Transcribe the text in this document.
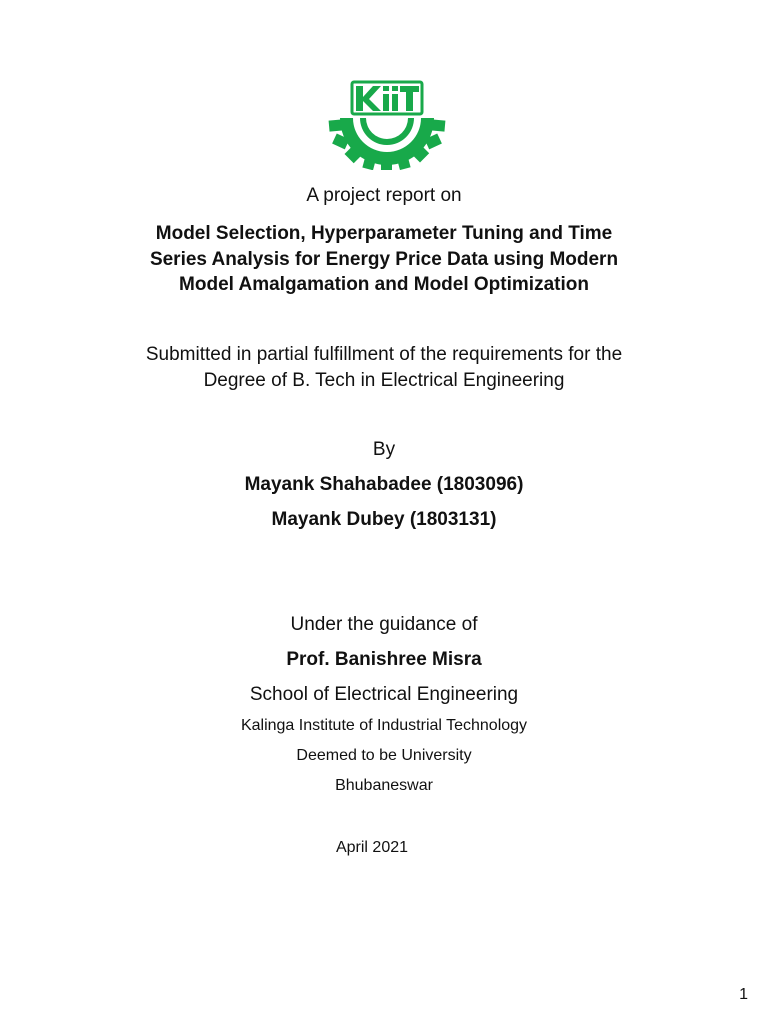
A project report on
Model Selection, Hyperparameter Tuning and Time
Series Analysis for Energy Price Data using Modern
Model Amalgamation and Model Optimization
Submitted in partial fulfillment of the requirements for the
Degree of B. Tech in Electrical Engineering
By
Mayank Shahabadee (1803096)
Mayank Dubey (1803131)
Under the guidance of
Prof. Banishree Misra
School of Electrical Engineering
Kalinga Institute of Industrial Technology
Deemed to be University
Bhubaneswar
April 2021
1
